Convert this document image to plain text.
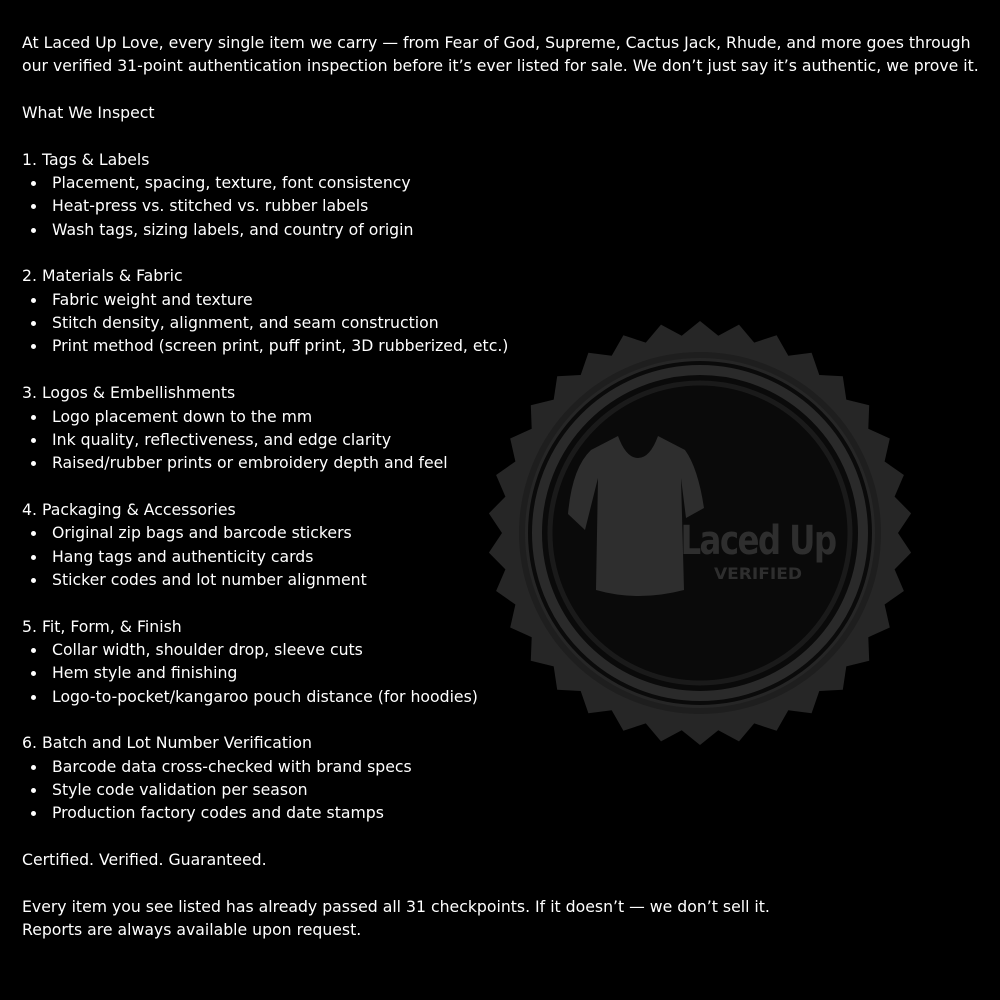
Laced Up
VERIFIED
At Laced Up Love, every single item we carry — from Fear of God, Supreme, Cactus Jack, Rhude, and more goes through
our verified 31-point authentication inspection before it’s ever listed for sale. We don’t just say it’s authentic, we prove it.
What We Inspect
1. Tags & Labels
Placement, spacing, texture, font consistency
Heat-press vs. stitched vs. rubber labels
Wash tags, sizing labels, and country of origin
2. Materials & Fabric
Fabric weight and texture
Stitch density, alignment, and seam construction
Print method (screen print, puff print, 3D rubberized, etc.)
3. Logos & Embellishments
Logo placement down to the mm
Ink quality, reflectiveness, and edge clarity
Raised/rubber prints or embroidery depth and feel
4. Packaging & Accessories
Original zip bags and barcode stickers
Hang tags and authenticity cards
Sticker codes and lot number alignment
5. Fit, Form, & Finish
Collar width, shoulder drop, sleeve cuts
Hem style and finishing
Logo-to-pocket/kangaroo pouch distance (for hoodies)
6. Batch and Lot Number Verification
Barcode data cross-checked with brand specs
Style code validation per season
Production factory codes and date stamps
Certified. Verified. Guaranteed.
Every item you see listed has already passed all 31 checkpoints. If it doesn’t — we don’t sell it.
Reports are always available upon request.
